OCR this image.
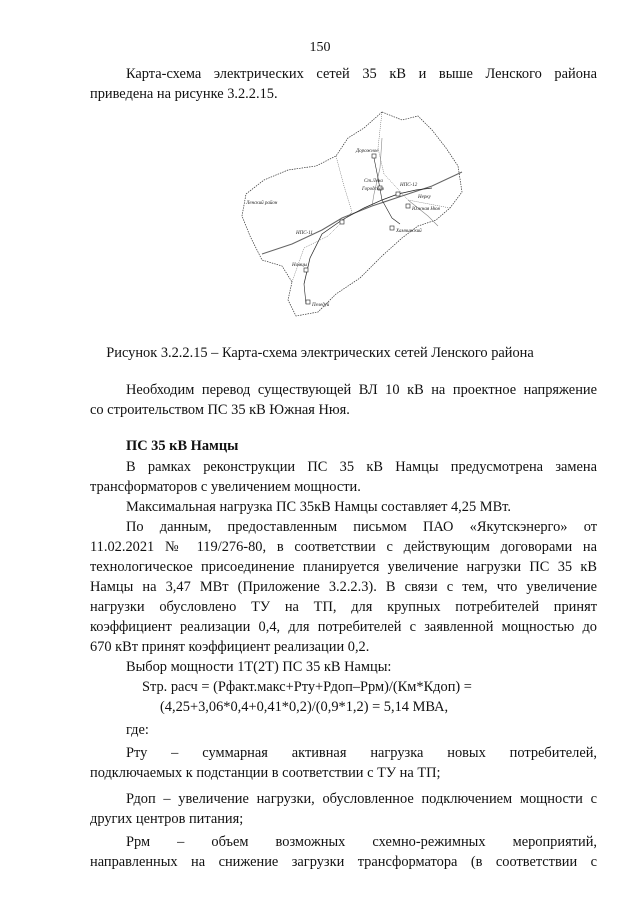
150
Карта-схема электрических сетей 35 кВ и выше Ленского района
приведена на рисунке 3.2.2.15.
Дорожное
Ст.Лена
Городская
НПС-12
Ленский район
Южная Нюя
НПС-11	Хамчинский
Намцы
Пеледуй
Нерку
Рисунок 3.2.2.15 – Карта-схема электрических сетей Ленского района
Необходим перевод существующей ВЛ 10 кВ на проектное напряжение
со строительством ПС 35 кВ Южная Нюя.
ПС 35 кВ Намцы
В рамках реконструкции ПС 35 кВ Намцы предусмотрена замена
трансформаторов с увеличением мощности.
Максимальная нагрузка ПС 35кВ Намцы составляет 4,25 МВт.
По данным, предоставленным письмом ПАО «Якутскэнерго» от
11.02.2021 № 119/276-80, в соответствии с действующим договорами на
технологическое присоединение планируется увеличение нагрузки ПС 35 кВ
Намцы на 3,47 МВт (Приложение 3.2.2.3). В связи с тем, что увеличение
нагрузки обусловлено ТУ на ТП, для крупных потребителей принят
коэффициент реализации 0,4, для потребителей с заявленной мощностью до
670 кВт принят коэффициент реализации 0,2.
Выбор мощности 1Т(2Т) ПС 35 кВ Намцы:
Sтр. расч = (Рфакт.макс+Pту+Рдоп–Ррм)/(Км*Кдоп) =
(4,25+3,06*0,4+0,41*0,2)/(0,9*1,2) = 5,14 МВА,
где:
Pту – суммарная активная нагрузка новых потребителей,
подключаемых к подстанции в соответствии с ТУ на ТП;
Рдоп – увеличение нагрузки, обусловленное подключением мощности с
других центров питания;
Ррм – объем возможных схемно-режимных мероприятий,
направленных на снижение загрузки трансформатора (в соответствии с
